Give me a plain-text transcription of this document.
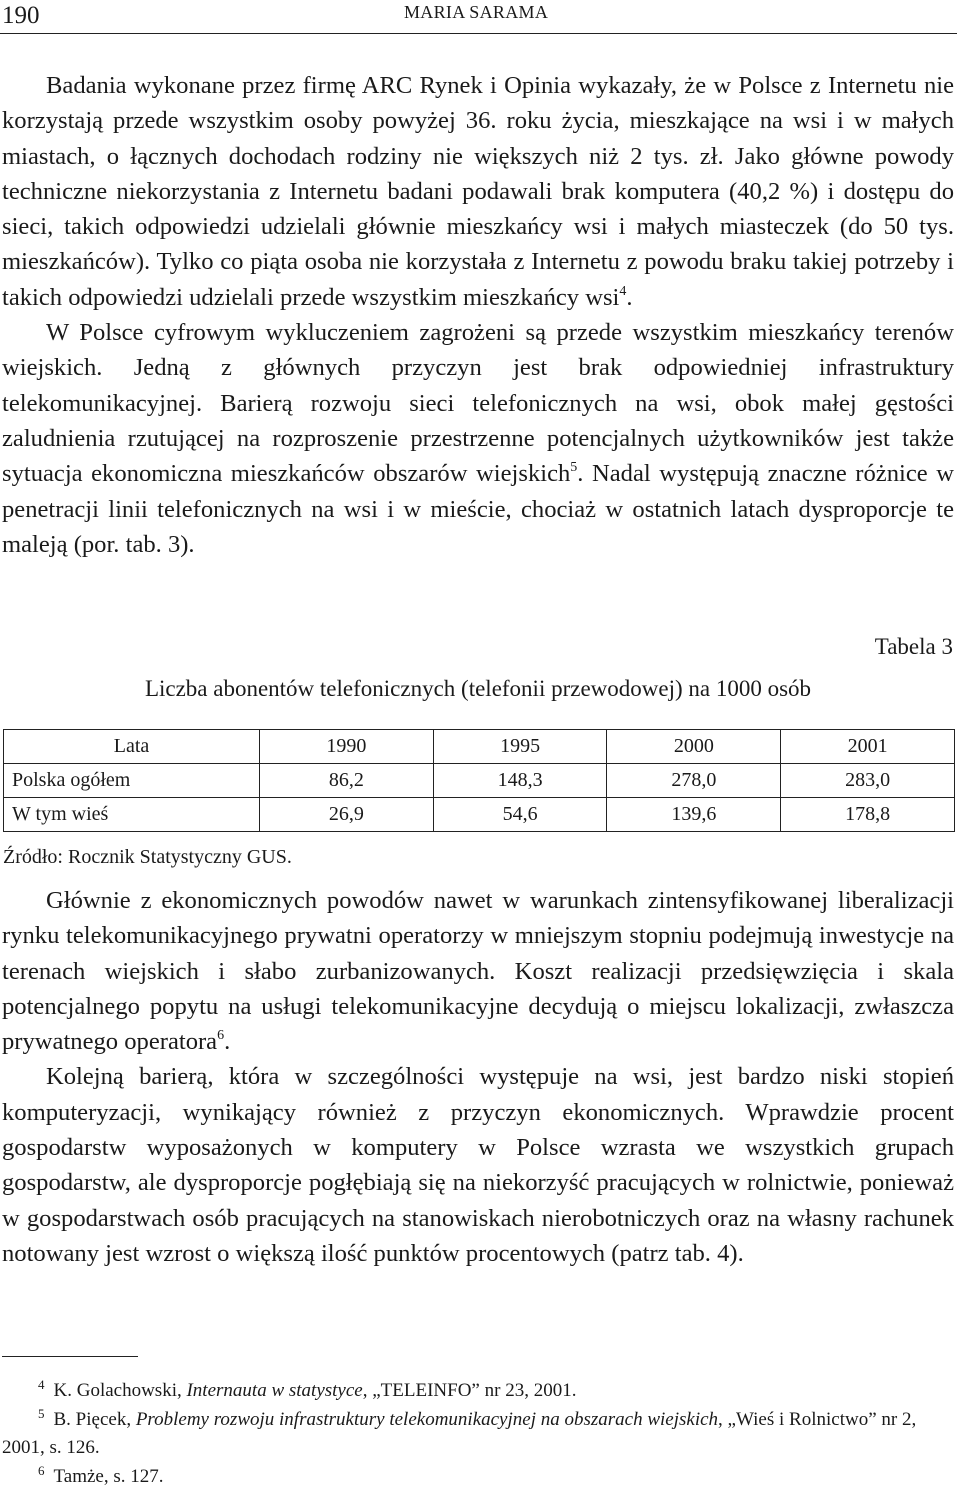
190	MARIA SARAMA

Badania wykonane przez firmę ARC Rynek i Opinia wykazały, że w Polsce z Internetu nie korzystają przede wszystkim osoby powyżej 36. roku życia, mieszkające na wsi i w małych miastach, o łącznych dochodach rodziny nie większych niż 2 tys. zł. Jako główne powody techniczne niekorzystania z Internetu badani podawali brak komputera (40,2 %) i dostępu do sieci, takich odpowiedzi udzielali głównie mieszkańcy wsi i małych miasteczek (do 50 tys. mieszkańców). Tylko co piąta osoba nie korzystała z Internetu z powodu braku takiej potrzeby i takich odpowiedzi udzielali przede wszystkim mieszkańcy wsi$^4$.

W Polsce cyfrowym wykluczeniem zagrożeni są przede wszystkim mieszkańcy terenów wiejskich. Jedną z głównych przyczyn jest brak odpowiedniej infrastruktury telekomunikacyjnej. Barierą rozwoju sieci telefonicznych na wsi, obok małej gęstości zaludnienia rzutującej na rozproszenie przestrzenne potencjalnych użytkowników jest także sytuacja ekonomiczna mieszkańców obszarów wiejskich$^5$. Nadal występują znaczne różnice w penetracji linii telefonicznych na wsi i w mieście, chociaż w ostatnich latach dysproporcje te maleją (por. tab. 3).

Tabela 3
Liczba abonentów telefonicznych (telefonii przewodowej) na 1000 osób
Lata	1990	1995	2000	2001
Polska ogółem	86,2	148,3	278,0	283,0
W tym wieś	26,9	54,6	139,6	178,8
Źródło: Rocznik Statystyczny GUS.

Głównie z ekonomicznych powodów nawet w warunkach zintensyfikowanej liberalizacji rynku telekomunikacyjnego prywatni operatorzy w mniejszym stopniu podejmują inwestycje na terenach wiejskich i słabo zurbanizowanych. Koszt realizacji przedsięwzięcia i skala potencjalnego popytu na usługi telekomunikacyjne decydują o miejscu lokalizacji, zwłaszcza prywatnego operatora$^6$.

Kolejną barierą, która w szczególności występuje na wsi, jest bardzo niski stopień komputeryzacji, wynikający również z przyczyn ekonomicznych. Wprawdzie procent gospodarstw wyposażonych w komputery w Polsce wzrasta we wszystkich grupach gospodarstw, ale dysproporcje pogłębiają się na niekorzyść pracujących w rolnictwie, ponieważ w gospodarstwach osób pracujących na stanowiskach nierobotniczych oraz na własny rachunek notowany jest wzrost o większą ilość punktów procentowych (patrz tab. 4).

$^4$ K. Golachowski, Internauta w statystyce, „TELEINFO” nr 23, 2001.

$^5$ B. Pięcek, Problemy rozwoju infrastruktury telekomunikacyjnej na obszarach wiejskich, „Wieś i Rolnictwo” nr 2, 2001, s. 126.

$^6$ Tamże, s. 127.
